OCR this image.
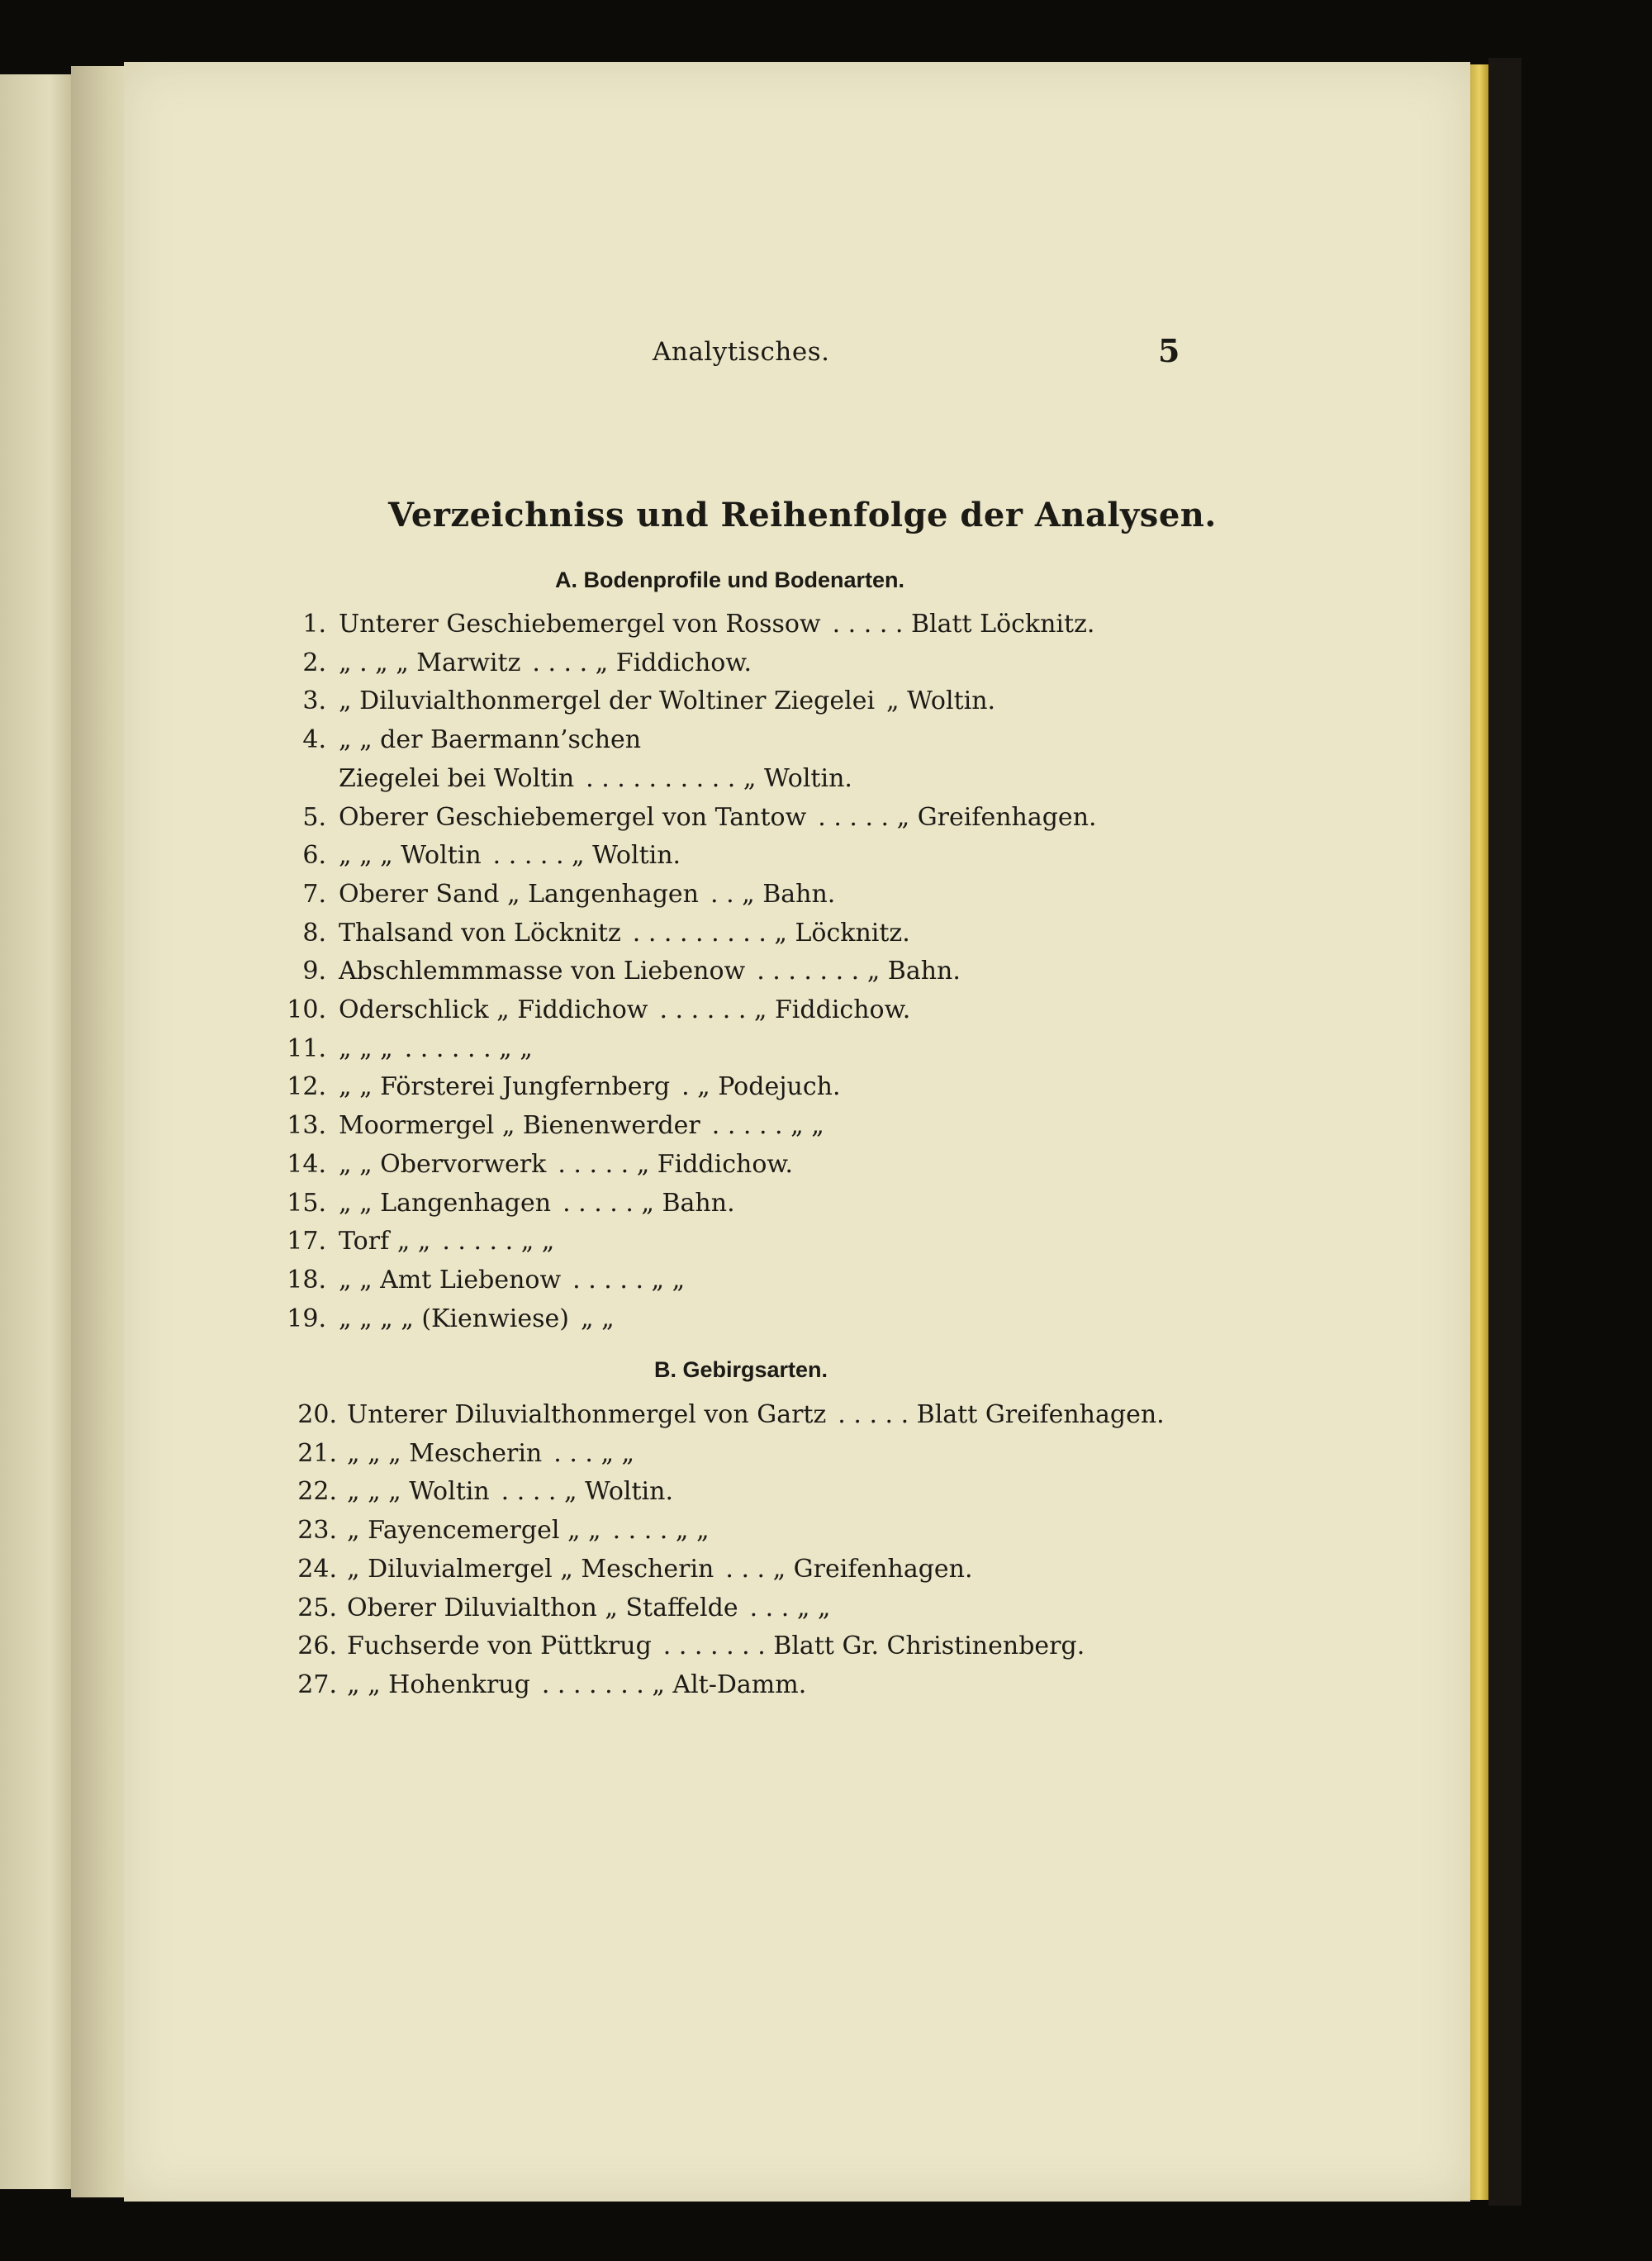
Analytisches.	5
Verzeichniss und Reihenfolge der Analysen.
A. Bodenprofile und Bodenarten.
1. Unterer Geschiebemergel von Rossow . . . . . Blatt Löcknitz.
2. „ . „ „ Marwitz . . . . „ Fiddichow.
3. „ Diluvialthonmergel der Woltiner Ziegelei „ Woltin.
4. „ „ der Baermann’schen
Ziegelei bei Woltin . . . . . . . . . . „ Woltin.
5. Oberer Geschiebemergel von Tantow . . . . . „ Greifenhagen.
6. „ „ „ Woltin . . . . . „ Woltin.
7. Oberer Sand „ Langenhagen . . „ Bahn.
8. Thalsand von Löcknitz . . . . . . . . . „ Löcknitz.
9. Abschlemmmasse von Liebenow . . . . . . . „ Bahn.
10. Oderschlick „ Fiddichow . . . . . . „ Fiddichow.
11. „ „ „ . . . . . . „ „
12. „ „ Försterei Jungfernberg . „ Podejuch.
13. Moormergel „ Bienenwerder . . . . . „ „
14. „ „ Obervorwerk . . . . . „ Fiddichow.
15. „ „ Langenhagen . . . . . „ Bahn.
17. Torf „ „ . . . . . „ „
18. „ „ Amt Liebenow . . . . . „ „
19. „ „ „ „ (Kienwiese) „ „
B. Gebirgsarten.
20. Unterer Diluvialthonmergel von Gartz . . . . . Blatt Greifenhagen.
21. „ „ „ Mescherin . . . „ „
22. „ „ „ Woltin . . . . „ Woltin.
23. „ Fayencemergel „ „ . . . . „ „
24. „ Diluvialmergel „ Mescherin . . . „ Greifenhagen.
25. Oberer Diluvialthon „ Staffelde . . . „ „
26. Fuchserde von Püttkrug . . . . . . . Blatt Gr. Christinenberg.
27. „ „ Hohenkrug . . . . . . . „ Alt-Damm.
